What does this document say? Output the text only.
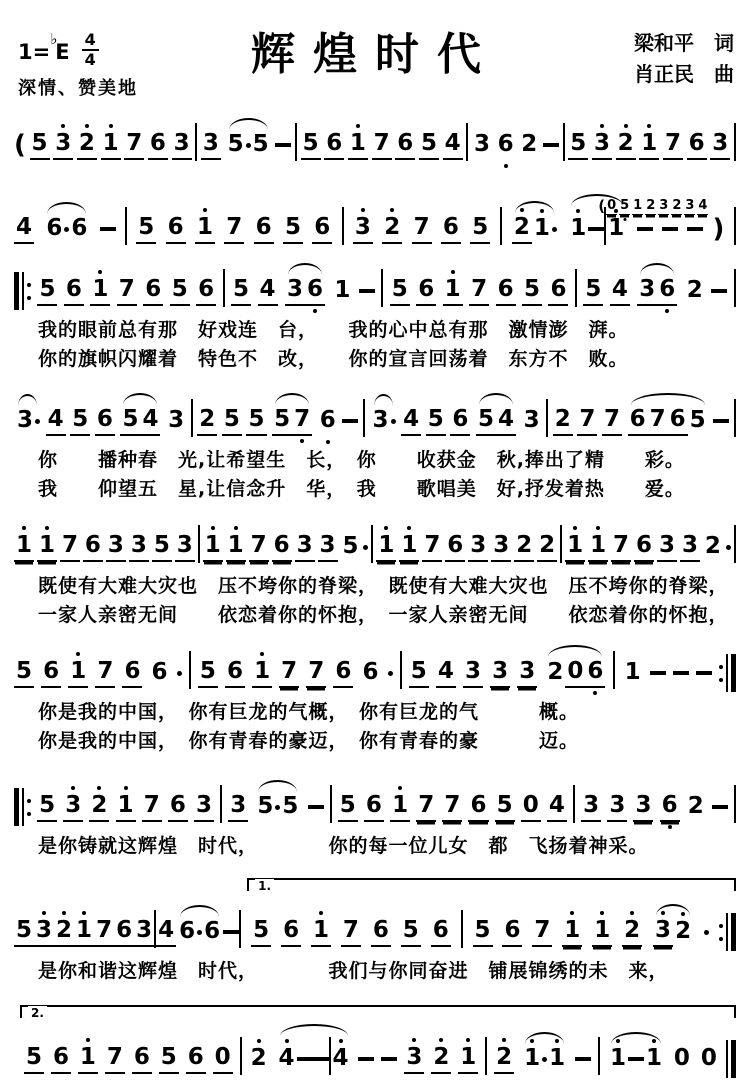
1=♭E 4
4	辉煌时代
深情、赞美地
梁和平　词
肖正民　曲
( 5 3 2 1 7 6 3 3 5 5 5 6 1 7 6 5 4 3 6 2 5 3 2 1 7 6 3
4 6 6 5 6 1 7 6 5 6 3 2 7 6 5 2 1 1
( 0 5 1 2 3 2 3 4
1	)
5 6 1 7 6 5 6 5 4 3 6 1 5 6 1 7 6 5 6 5 4 3 6 2
我的眼前总有那　好戏连　台，　　我的心中总有那　激情澎　湃。
你的旗帜闪耀着　特色不　改，　　你的宣言回荡着　东方不　败。
3 4 5 6 5 4 3 2 5 5 5 7 6 3 4 5 6 5 4 3 2 7 7 6 7 6 5
你　　播种春　光,让希望生　长，　你　　收获金　秋,捧出了精　　彩。
我　　仰望五　星,让信念升　华，　我　　歌唱美　好,抒发着热　　爱。
1 1 7 6 3 3 5 3 1 1 7 6 3 3 5 1 1 7 6 3 3 2 2 1 1 7 6 3 3 2
既使有大难大灾也　压不垮你的脊梁，　既使有大难大灾也　压不垮你的脊梁，
一家人亲密无间　　依恋着你的怀抱，　一家人亲密无间　　依恋着你的怀抱，
5 6 1 7 6 6 5 6 1 7 7 6 6 5 4 3 3 3 2 0 6 1
你是我的中国，　你有巨龙的气概，　你有巨龙的气　　　概。
你是我的中国，　你有青春的豪迈，　你有青春的豪　　　迈。
5 3 2 1 7 6 3 3 5 5 5 6 1 7 7 6 5 0 4 3 3 3 6 2
是你铸就这辉煌　时代，　　　　你的每一位儿女　都　飞扬着神采。
5 3 2 1 7 6 3 4 6 6 5 6 1 7 6 5 6 5 6 7 1 1 2 3 2
1.
是你和谐这辉煌　时代，　　　　我们与你同奋进　铺展锦绣的未　来，
5 6 1 7 6 5 6 0 2 4 4	3 2 1 2 1 1 1 1 0 0
2.
